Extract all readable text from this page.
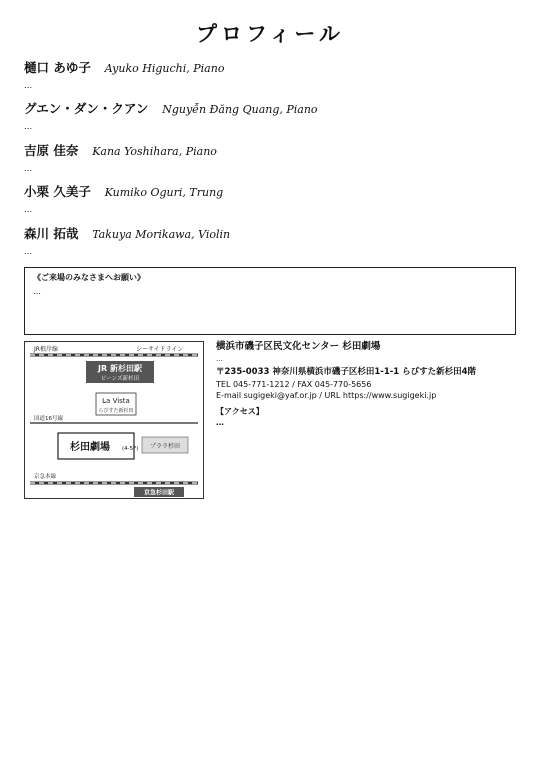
プロフィール
樋口 あゆ子 Ayuko Higuchi, Piano
…
グエン・ダン・クアン Nguyễn Đăng Quang, Piano
…
吉原 佳奈 Kana Yoshihara, Piano
…
小栗 久美子 Kumiko Oguri, Trung
…
森川 拓哉 Takuya Morikawa, Violin
…
《ご来場のみなさまへお願い》
…
JR根岸線	シーサイドライン
JR 新杉田駅
ビーンズ新杉田
La Vista
らびすた新杉田
国道16号線
杉田劇場 (4-5F) プララ杉田
京急本線
京急杉田駅
横浜市磯子区民文化センター 杉田劇場
…
〒235-0033 神奈川県横浜市磯子区杉田1-1-1 らびすた新杉田4階
TEL 045-771-1212 / FAX 045-770-5656
E-mail sugigeki@yaf.or.jp / URL https://www.sugigeki.jp
【アクセス】
…
